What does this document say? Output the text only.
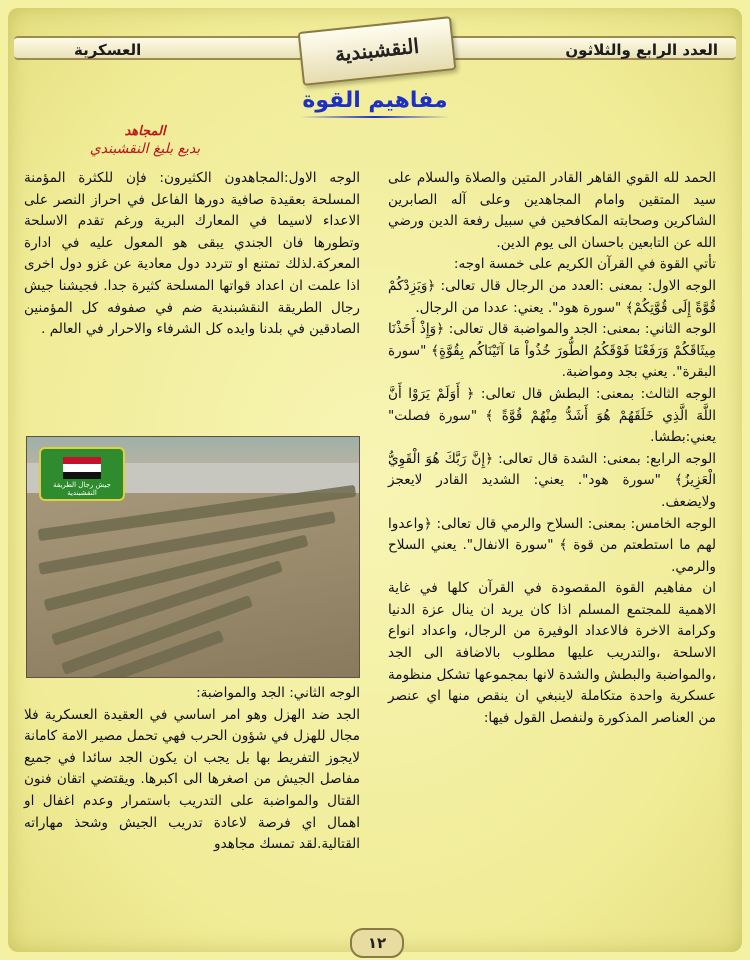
العدد الرابع والثلاثون
العسكرية	النقشبندية
مفاهيم القوة
المجاهد
بديع بليغ النقشبندي

الحمد لله القوي القاهر القادر المتين والصلاة والسلام على سيد المتقين وامام المجاهدين وعلى آله الصابرين الشاكرين وصحابته المكافحين في سبيل رفعة الدين ورضي الله عن التابعين باحسان الى يوم الدين.

تأتي القوة في القرآن الكريم على خمسة اوجه:

الوجه الاول: بمعنى :العدد من الرجال قال تعالى: ﴿وَيَزِدْكُمْ قُوَّةً إِلَى قُوَّتِكُمْ﴾ "سورة هود". يعني: عددا من الرجال.

الوجه الثاني: بمعنى: الجد والمواضبة قال تعالى: ﴿وَإِذْ أَخَذْنَا مِيثَاقَكُمْ وَرَفَعْنَا فَوْقَكُمُ الطُّورَ خُذُواْ مَا آتَيْنَاكُم بِقُوَّةٍ﴾ "سورة البقرة". يعني بجد ومواضبة.

الوجه الثالث: بمعنى: البطش قال تعالى: ﴿ أَوَلَمْ يَرَوْا أَنَّ اللَّهَ الَّذِي خَلَقَهُمْ هُوَ أَشَدُّ مِنْهُمْ قُوَّةً ﴾ "سورة فصلت" يعني:بطشا.

الوجه الرابع: بمعنى: الشدة قال تعالى: ﴿إِنَّ رَبَّكَ هُوَ الْقَوِيُّ الْعَزِيزُ﴾ "سورة هود". يعني: الشديد القادر لايعجز ولايضعف.

الوجه الخامس: بمعنى: السلاح والرمي قال تعالى: ﴿واعدوا لهم ما استطعتم من قوة ﴾ "سورة الانفال". يعني السلاح والرمي.

ان مفاهيم القوة المقصودة في القرآن كلها في غاية الاهمية للمجتمع المسلم اذا كان يريد ان ينال عزة الدنيا وكرامة الاخرة فالاعداد الوفيرة من الرجال، واعداد انواع الاسلحة ،والتدريب عليها مطلوب بالاضافة الى الجد ،والمواضبة والبطش والشدة لانها بمجموعها تشكل منظومة عسكرية واحدة متكاملة لاينبغي ان ينقص منها اي عنصر من العناصر المذكورة ولنفصل القول فيها:

الوجه الاول:المجاهدون الكثيرون: فإن للكثرة المؤمنة المسلحة بعقيدة صافية دورها الفاعل في احراز النصر على الاعداء لاسيما في المعارك البرية ورغم تقدم الاسلحة وتطورها فان الجندي يبقى هو المعول عليه في ادارة المعركة.لذلك تمتنع او تتردد دول معادية عن غزو دول اخرى اذا علمت ان اعداد قواتها المسلحة كثيرة جدا. فجيشنا جيش رجال الطريقة النقشبندية ضم في صفوفه كل المؤمنين الصادقين في بلدنا وايده كل الشرفاء والاحرار في العالم .

جيش رجال الطريقة النقشبندية

الوجه الثاني: الجد والمواضبة:

الجد ضد الهزل وهو امر اساسي في العقيدة العسكرية فلا مجال للهزل في شؤون الحرب فهي تحمل مصير الامة كامانة لايجوز التفريط بها بل يجب ان يكون الجد سائدا في جميع مفاصل الجيش من اصغرها الى اكبرها. ويقتضي اتقان فنون القتال والمواضبة على التدريب باستمرار وعدم اغفال او اهمال اي فرصة لاعادة تدريب الجيش وشحذ مهاراته القتالية.لقد تمسك مجاهدو

١٢
